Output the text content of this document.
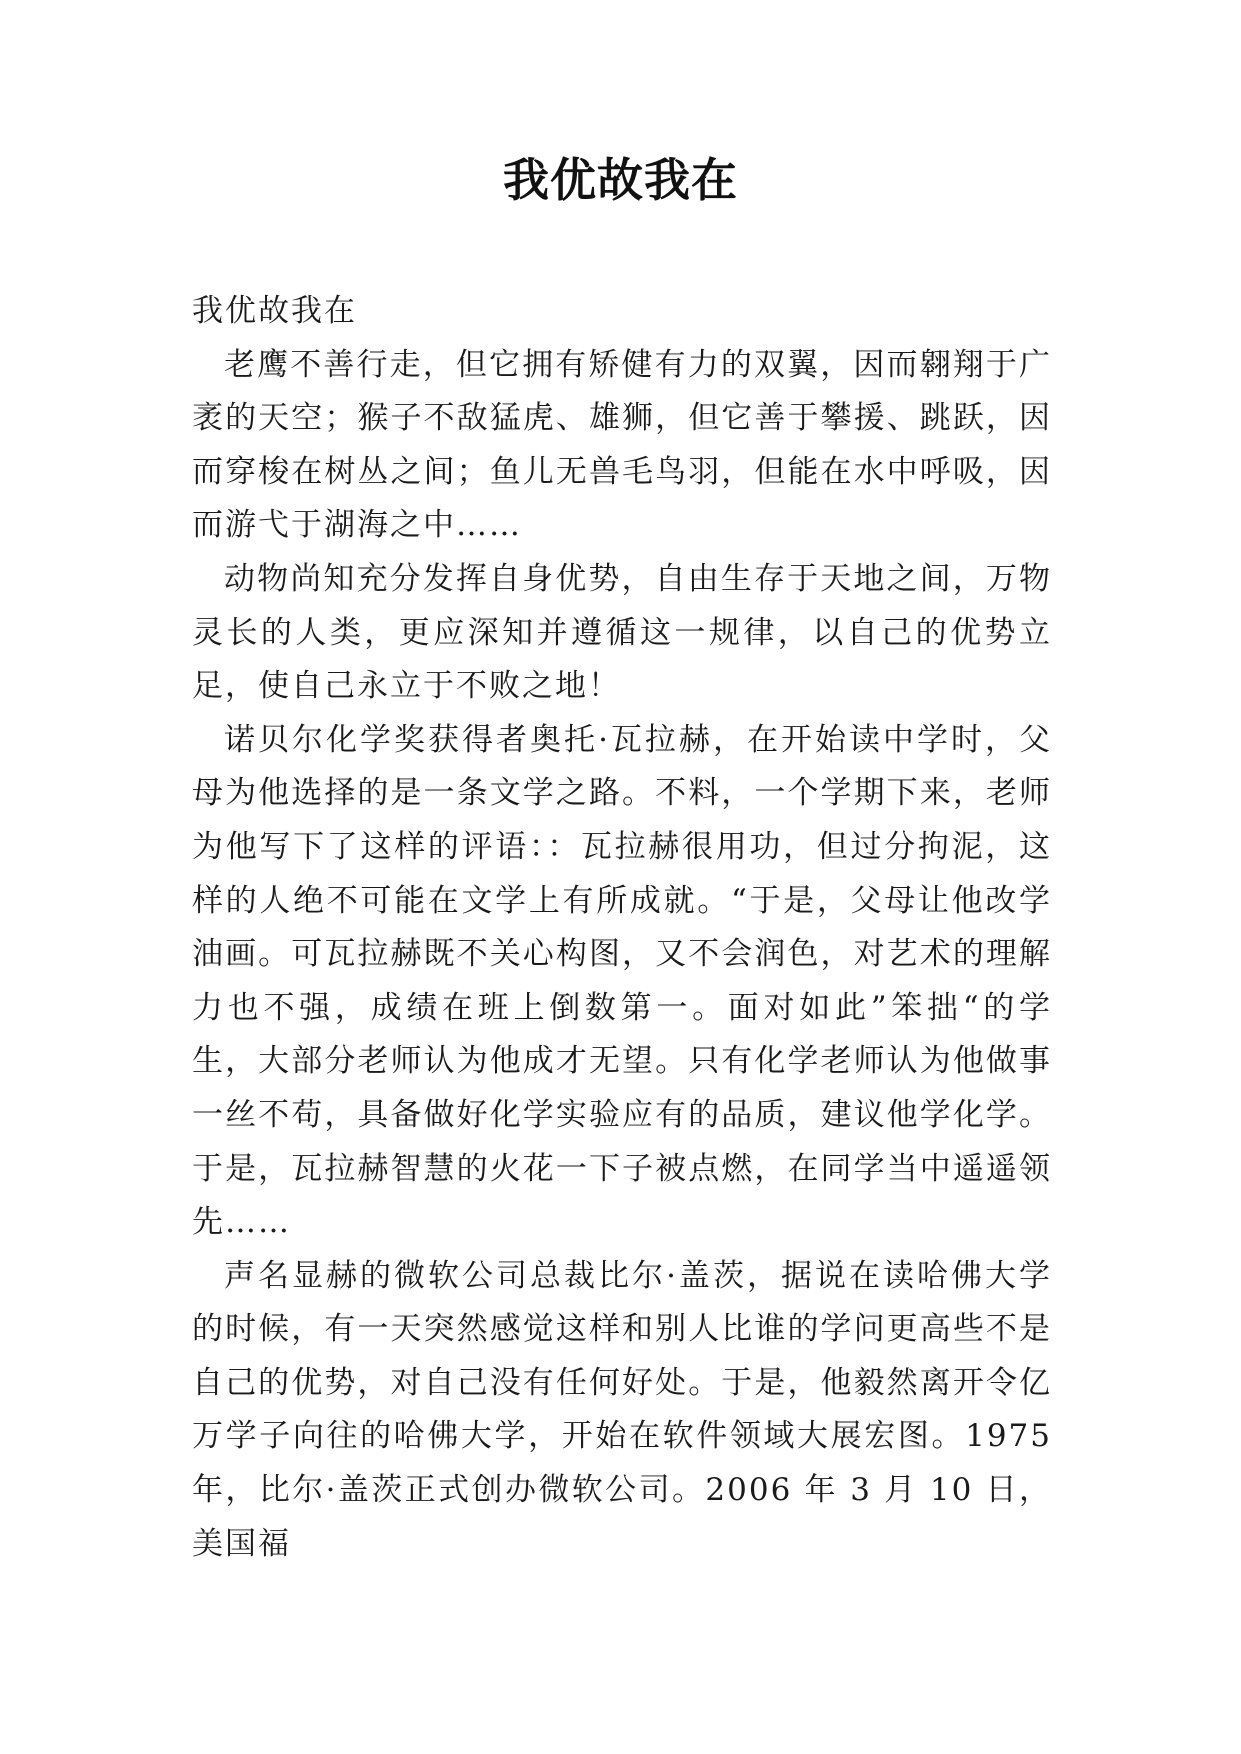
我优故我在

我优故我在

老鹰不善行走，但它拥有矫健有力的双翼，因而翱翔于广袤的天空；猴子不敌猛虎、雄狮，但它善于攀援、跳跃，因而穿梭在树丛之间；鱼儿无兽毛鸟羽，但能在水中呼吸，因而游弋于湖海之中……

动物尚知充分发挥自身优势，自由生存于天地之间，万物灵长的人类，更应深知并遵循这一规律，以自己的优势立足，使自己永立于不败之地！

诺贝尔化学奖获得者奥托·瓦拉赫，在开始读中学时，父母为他选择的是一条文学之路。不料，一个学期下来，老师为他写下了这样的评语：：瓦拉赫很用功，但过分拘泥，这样的人绝不可能在文学上有所成就。“于是，父母让他改学油画。可瓦拉赫既不关心构图，又不会润色，对艺术的理解力也不强，成绩在班上倒数第一。面对如此”笨拙“的学生，大部分老师认为他成才无望。只有化学老师认为他做事一丝不苟，具备做好化学实验应有的品质，建议他学化学。于是，瓦拉赫智慧的火花一下子被点燃，在同学当中遥遥领先……

声名显赫的微软公司总裁比尔·盖茨，据说在读哈佛大学的时候，有一天突然感觉这样和别人比谁的学问更高些不是自己的优势，对自己没有任何好处。于是，他毅然离开令亿万学子向往的哈佛大学，开始在软件领域大展宏图。1975 年，比尔·盖茨正式创办微软公司。2006 年 3 月 10 日，美国福
